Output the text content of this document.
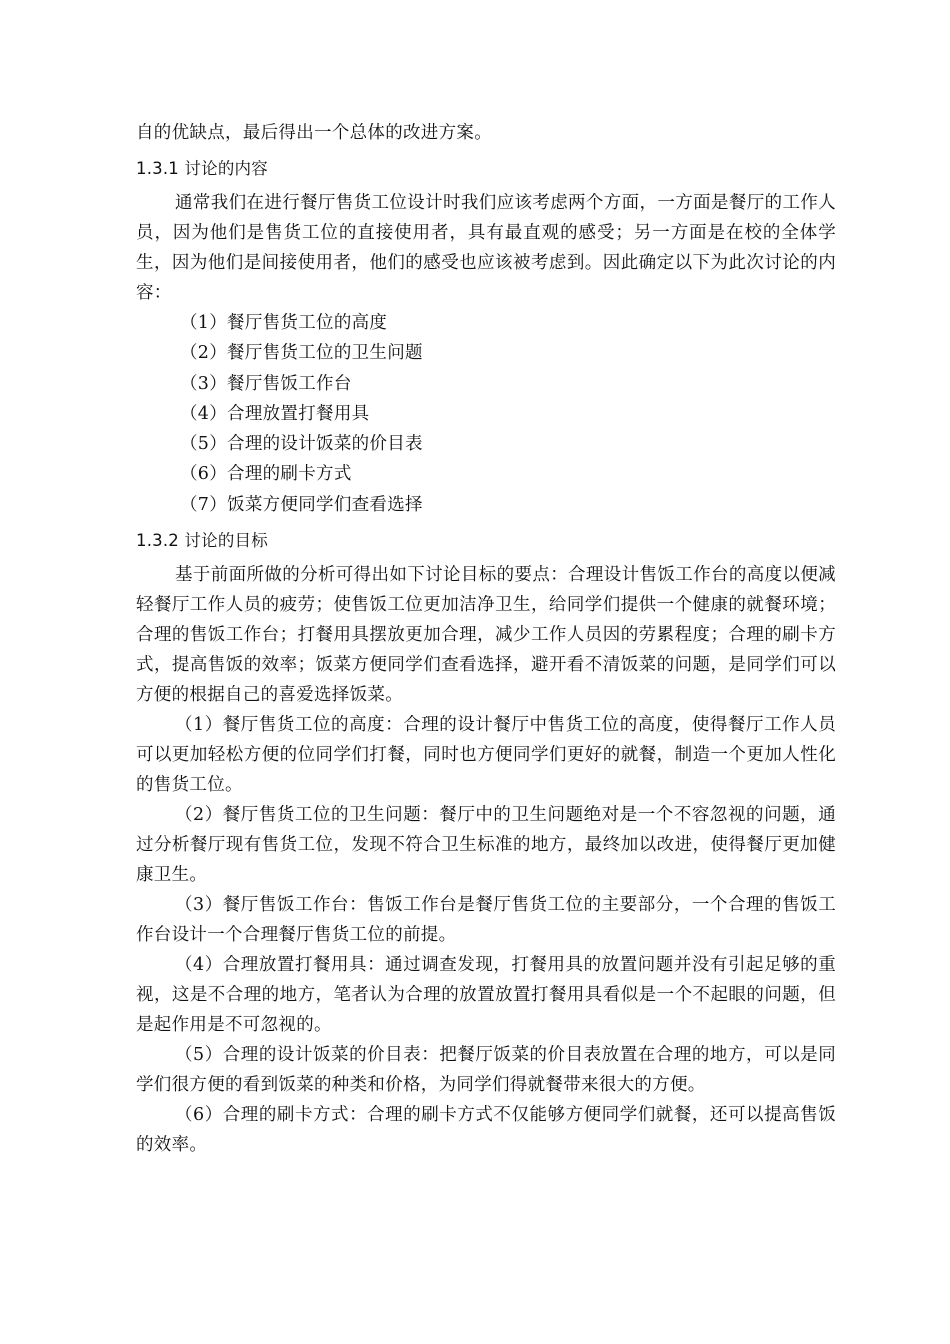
自的优缺点，最后得出一个总体的改进方案。

1.3.1 讨论的内容

通常我们在进行餐厅售货工位设计时我们应该考虑两个方面，一方面是餐厅的工作人员，因为他们是售货工位的直接使用者，具有最直观的感受；另一方面是在校的全体学生，因为他们是间接使用者，他们的感受也应该被考虑到。因此确定以下为此次讨论的内容：

（1）餐厅售货工位的高度

（2）餐厅售货工位的卫生问题

（3）餐厅售饭工作台

（4）合理放置打餐用具

（5）合理的设计饭菜的价目表

（6）合理的刷卡方式

（7）饭菜方便同学们查看选择

1.3.2 讨论的目标

基于前面所做的分析可得出如下讨论目标的要点：合理设计售饭工作台的高度以便减轻餐厅工作人员的疲劳；使售饭工位更加洁净卫生，给同学们提供一个健康的就餐环境；合理的售饭工作台；打餐用具摆放更加合理，减少工作人员因的劳累程度；合理的刷卡方式，提高售饭的效率；饭菜方便同学们查看选择，避开看不清饭菜的问题，是同学们可以方便的根据自己的喜爱选择饭菜。

（1）餐厅售货工位的高度：合理的设计餐厅中售货工位的高度，使得餐厅工作人员可以更加轻松方便的位同学们打餐，同时也方便同学们更好的就餐，制造一个更加人性化的售货工位。

（2）餐厅售货工位的卫生问题：餐厅中的卫生问题绝对是一个不容忽视的问题，通过分析餐厅现有售货工位，发现不符合卫生标准的地方，最终加以改进，使得餐厅更加健康卫生。

（3）餐厅售饭工作台：售饭工作台是餐厅售货工位的主要部分，一个合理的售饭工作台设计一个合理餐厅售货工位的前提。

（4）合理放置打餐用具：通过调查发现，打餐用具的放置问题并没有引起足够的重视，这是不合理的地方，笔者认为合理的放置放置打餐用具看似是一个不起眼的问题，但是起作用是不可忽视的。

（5）合理的设计饭菜的价目表：把餐厅饭菜的价目表放置在合理的地方，可以是同学们很方便的看到饭菜的种类和价格，为同学们得就餐带来很大的方便。

（6）合理的刷卡方式：合理的刷卡方式不仅能够方便同学们就餐，还可以提高售饭的效率。
